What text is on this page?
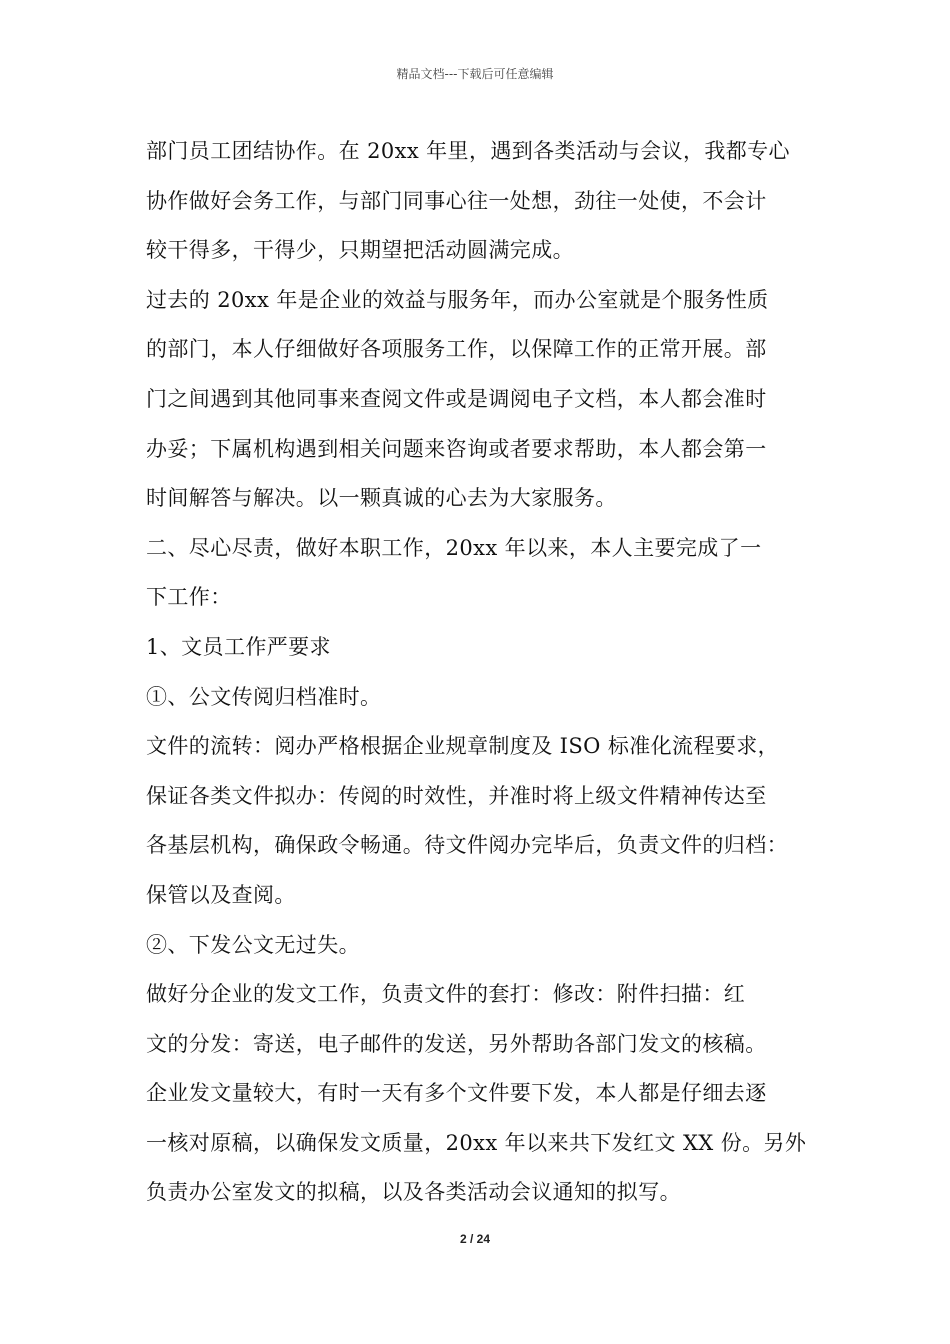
精品文档---下载后可任意编辑
部门员工团结协作。在 20xx 年里，遇到各类活动与会议，我都专心
协作做好会务工作，与部门同事心往一处想，劲往一处使，不会计
较干得多，干得少，只期望把活动圆满完成。
过去的 20xx 年是企业的效益与服务年，而办公室就是个服务性质
的部门，本人仔细做好各项服务工作，以保障工作的正常开展。部
门之间遇到其他同事来查阅文件或是调阅电子文档，本人都会准时
办妥；下属机构遇到相关问题来咨询或者要求帮助，本人都会第一
时间解答与解决。以一颗真诚的心去为大家服务。
二、尽心尽责，做好本职工作，20xx 年以来，本人主要完成了一
下工作：
1、文员工作严要求
①、公文传阅归档准时。
文件的流转：阅办严格根据企业规章制度及 ISO 标准化流程要求，
保证各类文件拟办：传阅的时效性，并准时将上级文件精神传达至
各基层机构，确保政令畅通。待文件阅办完毕后，负责文件的归档：
保管以及查阅。
②、下发公文无过失。
做好分企业的发文工作，负责文件的套打：修改：附件扫描：红
文的分发：寄送，电子邮件的发送，另外帮助各部门发文的核稿。
企业发文量较大，有时一天有多个文件要下发，本人都是仔细去逐
一核对原稿，以确保发文质量，20xx 年以来共下发红文 XX 份。另外
负责办公室发文的拟稿，以及各类活动会议通知的拟写。
2 / 24
